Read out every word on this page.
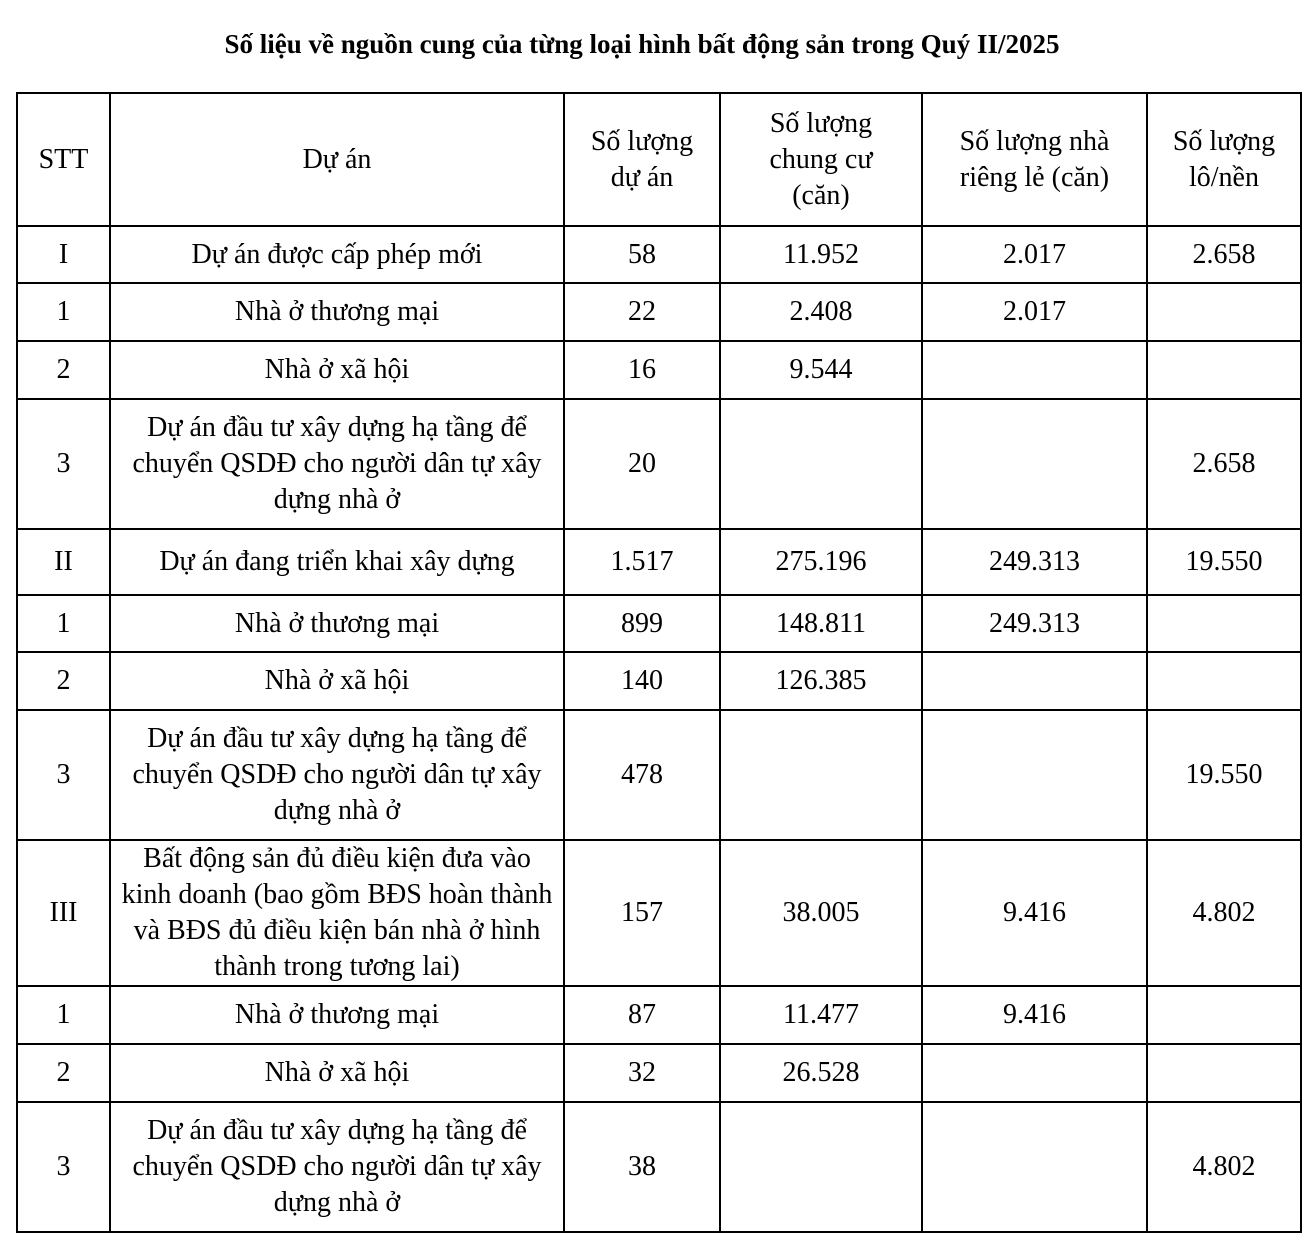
Số liệu về nguồn cung của từng loại hình bất động sản trong Quý II/2025
STT	Dự án	Số lượng dự án	Số lượng chung cư (căn)	Số lượng nhà riêng lẻ (căn)	Số lượng lô/nền
I	Dự án được cấp phép mới	58	11.952	2.017	2.658
1	Nhà ở thương mại	22	2.408	2.017	
2	Nhà ở xã hội	16	9.544		
3	Dự án đầu tư xây dựng hạ tầng để chuyển QSDĐ cho người dân tự xây dựng nhà ở	20			2.658
II	Dự án đang triển khai xây dựng	1.517	275.196	249.313	19.550
1	Nhà ở thương mại	899	148.811	249.313	
2	Nhà ở xã hội	140	126.385		
3	Dự án đầu tư xây dựng hạ tầng để chuyển QSDĐ cho người dân tự xây dựng nhà ở	478			19.550
III	Bất động sản đủ điều kiện đưa vào kinh doanh (bao gồm BĐS hoàn thành và BĐS đủ điều kiện bán nhà ở hình thành trong tương lai)	157	38.005	9.416	4.802
1	Nhà ở thương mại	87	11.477	9.416	
2	Nhà ở xã hội	32	26.528		
3	Dự án đầu tư xây dựng hạ tầng để chuyển QSDĐ cho người dân tự xây dựng nhà ở	38			4.802
